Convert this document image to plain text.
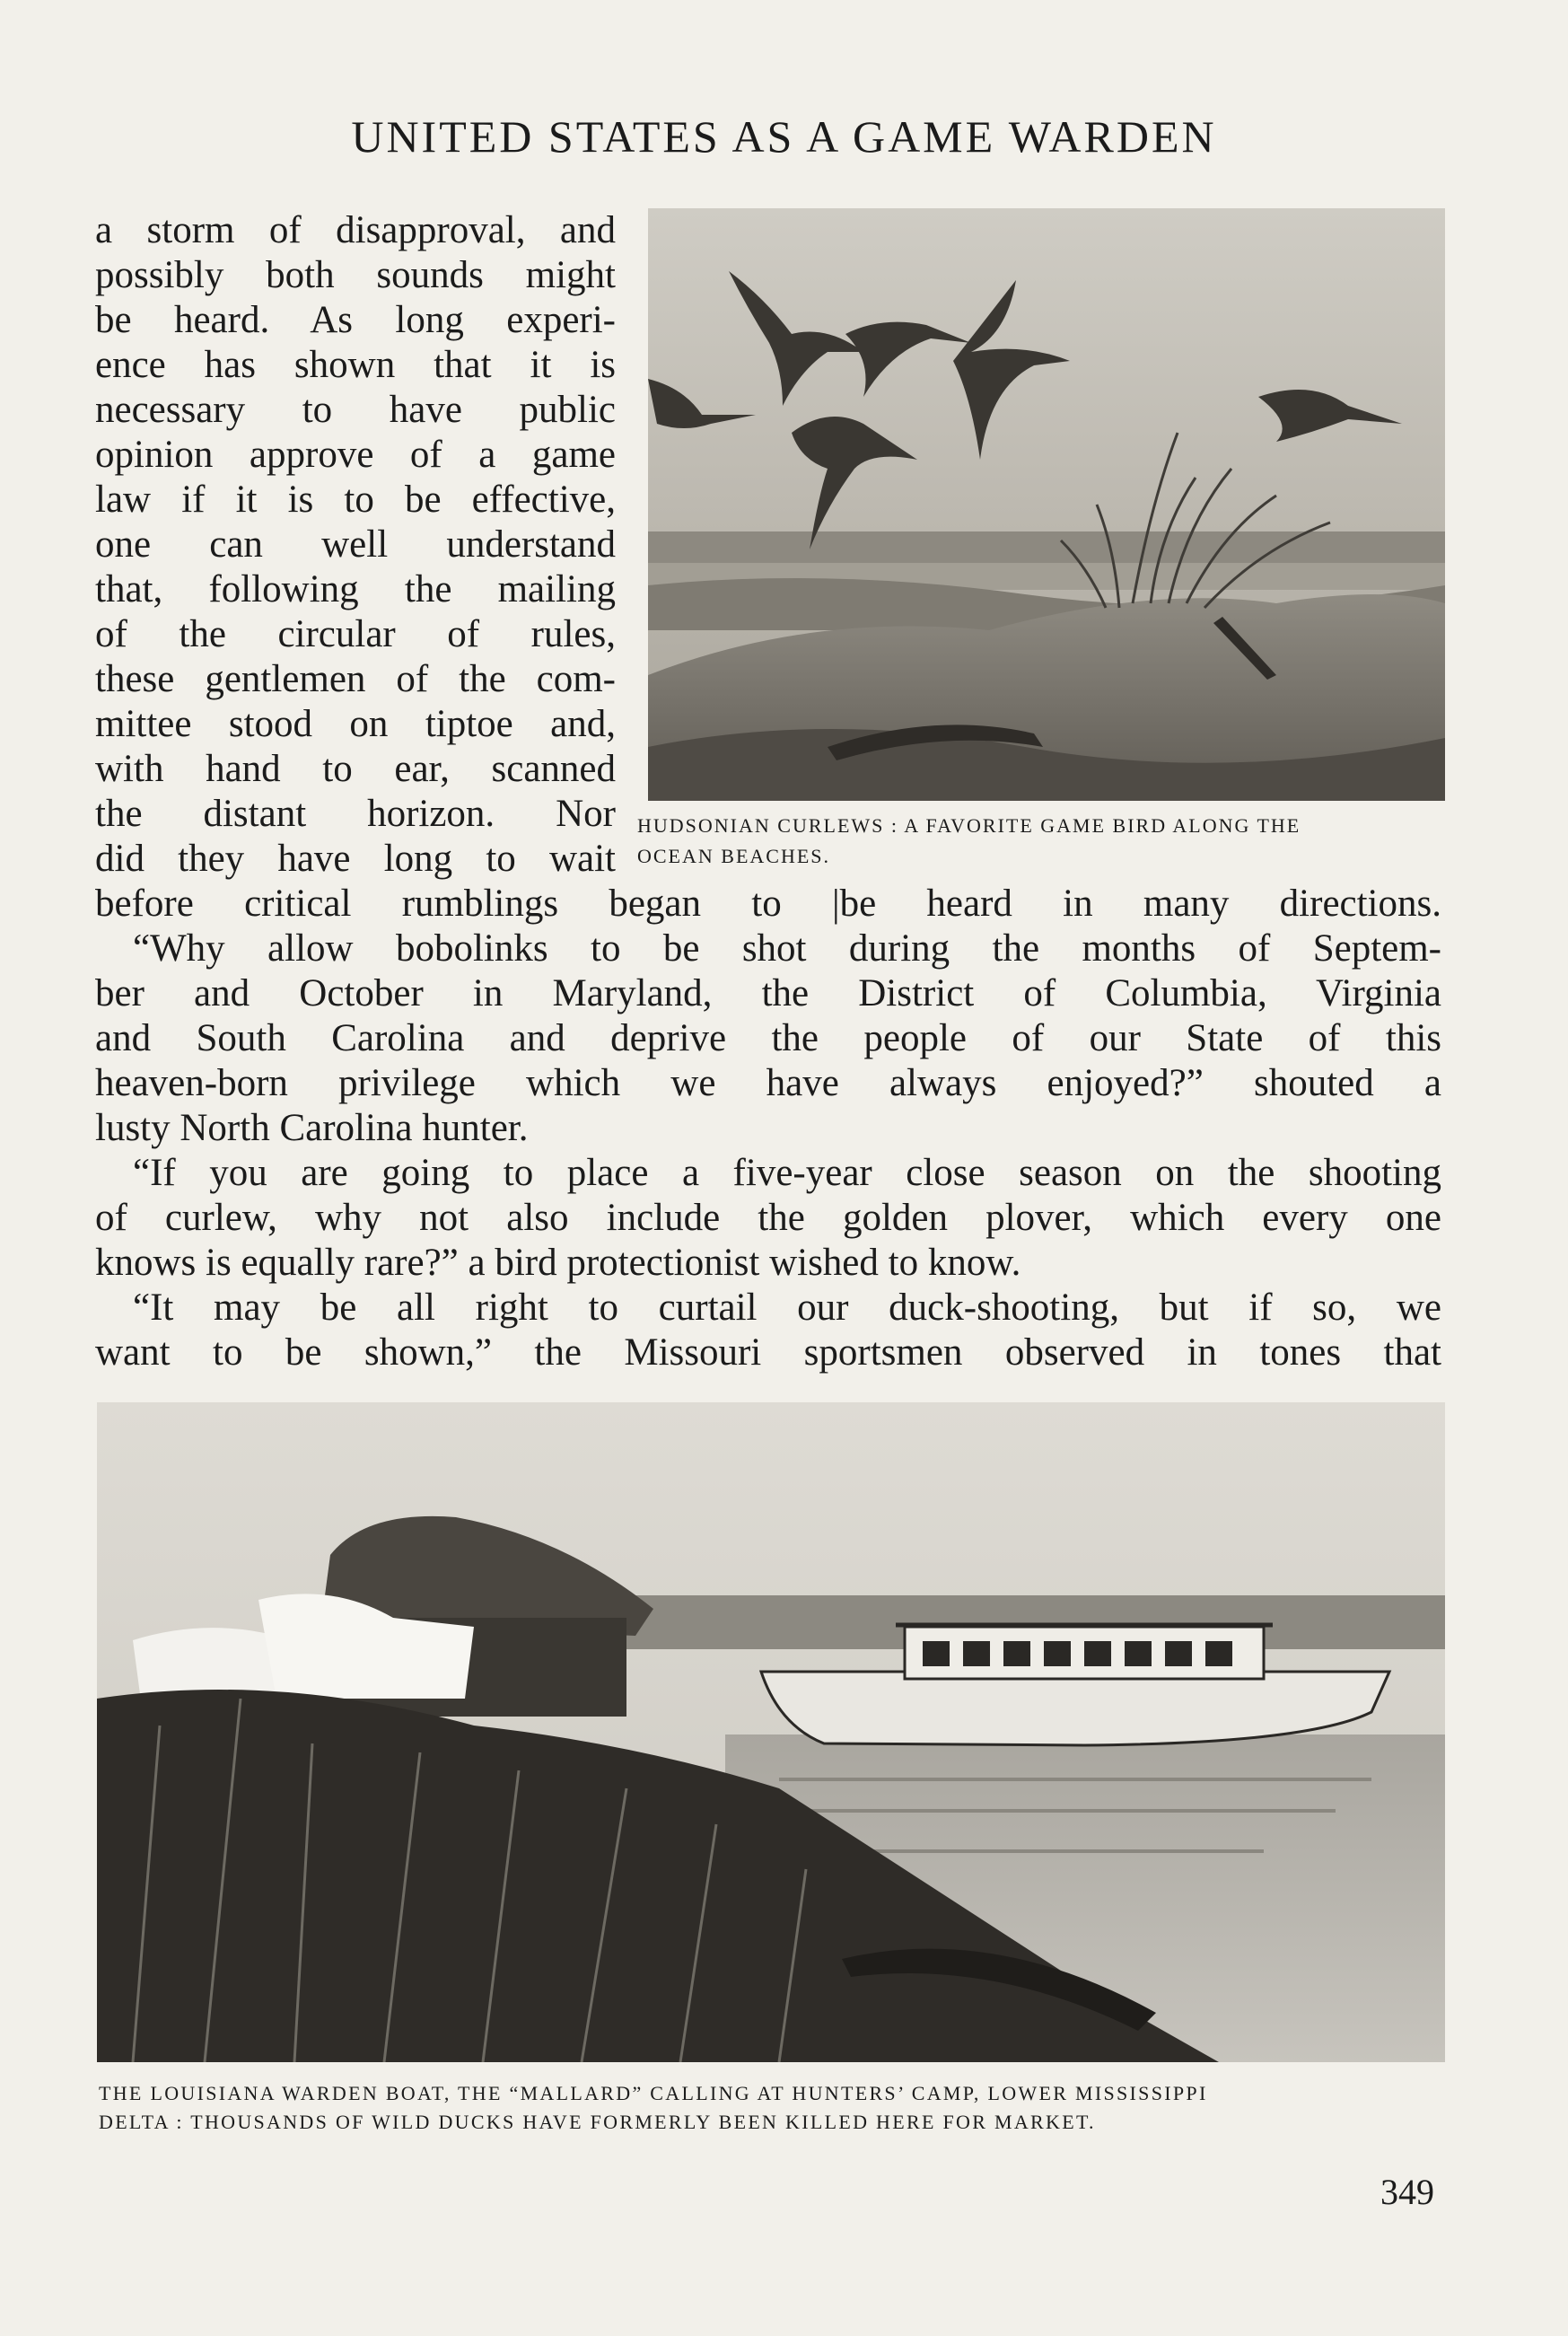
UNITED STATES AS A GAME WARDEN
a storm of disapproval, and
possibly both sounds might
be heard. As long experi-
ence has shown that it is
necessary to have public
opinion approve of a game
law if it is to be effective,
one can well understand
that, following the mailing
of the circular of rules,
these gentlemen of the com-
mittee stood on tiptoe and,
with hand to ear, scanned
the distant horizon. Nor
did they have long to wait
HUDSONIAN CURLEWS : A FAVORITE GAME BIRD ALONG THE
OCEAN BEACHES.
before critical rumblings began to |be heard in many directions.
“Why allow bobolinks to be shot during the months of Septem-
ber and October in Maryland, the District of Columbia, Virginia
and South Carolina and deprive the people of our State of this
heaven-born privilege which we have always enjoyed?” shouted a
lusty North Carolina hunter.
“If you are going to place a five-year close season on the shooting
of curlew, why not also include the golden plover, which every one
knows is equally rare?” a bird protectionist wished to know.
“It may be all right to curtail our duck-shooting, but if so, we
want to be shown,” the Missouri sportsmen observed in tones that
THE LOUISIANA WARDEN BOAT, THE “MALLARD” CALLING AT HUNTERS’ CAMP, LOWER MISSISSIPPI
DELTA : THOUSANDS OF WILD DUCKS HAVE FORMERLY BEEN KILLED HERE FOR MARKET.
349
